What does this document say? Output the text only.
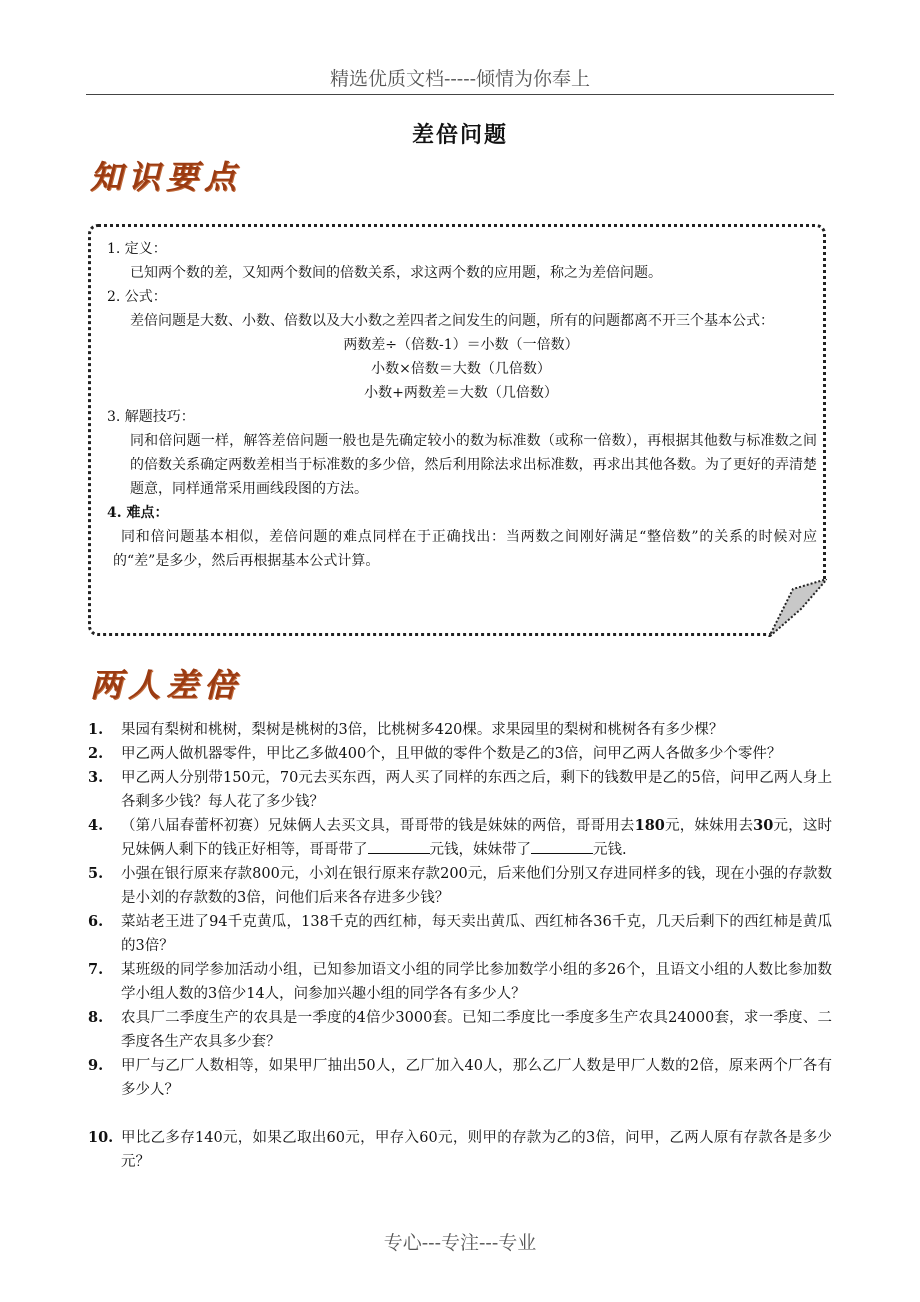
精选优质文档-----倾情为你奉上
差倍问题
知识要点
1. 定义：
已知两个数的差，又知两个数间的倍数关系，求这两个数的应用题，称之为差倍问题。
2. 公式：
差倍问题是大数、小数、倍数以及大小数之差四者之间发生的问题，所有的问题都离不开三个基本公式：
两数差÷（倍数-1）＝小数（一倍数）
小数×倍数＝大数（几倍数）
小数+两数差＝大数（几倍数）
3. 解题技巧：
同和倍问题一样，解答差倍问题一般也是先确定较小的数为标准数（或称一倍数），再根据其他数与标准数之间的倍数关系确定两数差相当于标准数的多少倍，然后利用除法求出标准数，再求出其他各数。为了更好的弄清楚题意，同样通常采用画线段图的方法。
4. 难点：
同和倍问题基本相似，差倍问题的难点同样在于正确找出：当两数之间刚好满足“整倍数”的关系的时候对应的“差”是多少，然后再根据基本公式计算。
两人差倍
1.	果园有梨树和桃树，梨树是桃树的3倍，比桃树多420棵。求果园里的梨树和桃树各有多少棵？
2.	甲乙两人做机器零件，甲比乙多做400个，且甲做的零件个数是乙的3倍，问甲乙两人各做多少个零件？
3.	甲乙两人分别带150元，70元去买东西，两人买了同样的东西之后，剩下的钱数甲是乙的5倍，问甲乙两人身上各剩多少钱？每人花了多少钱？
4.	（第八届春蕾杯初赛）兄妹俩人去买文具，哥哥带的钱是妹妹的两倍，哥哥用去180元，妹妹用去30元，这时兄妹俩人剩下的钱正好相等，哥哥带了	元钱，妹妹带了	元钱.
5.	小强在银行原来存款800元，小刘在银行原来存款200元，后来他们分别又存进同样多的钱，现在小强的存款数是小刘的存款数的3倍，问他们后来各存进多少钱？
6.	菜站老王进了94千克黄瓜，138千克的西红柿，每天卖出黄瓜、西红柿各36千克，几天后剩下的西红柿是黄瓜的3倍？
7.	某班级的同学参加活动小组，已知参加语文小组的同学比参加数学小组的多26个，且语文小组的人数比参加数学小组人数的3倍少14人，问参加兴趣小组的同学各有多少人？
8.	农具厂二季度生产的农具是一季度的4倍少3000套。已知二季度比一季度多生产农具24000套，求一季度、二季度各生产农具多少套？
9.	甲厂与乙厂人数相等，如果甲厂抽出50人，乙厂加入40人，那么乙厂人数是甲厂人数的2倍，原来两个厂各有多少人？
10. 甲比乙多存140元，如果乙取出60元，甲存入60元，则甲的存款为乙的3倍，问甲，乙两人原有存款各是多少元？
专心---专注---专业
